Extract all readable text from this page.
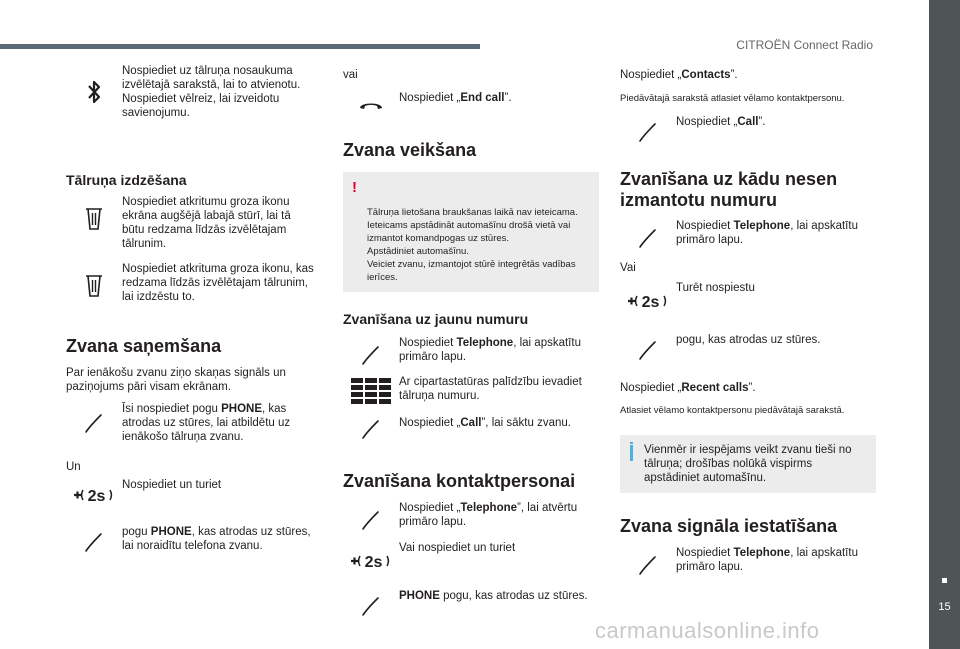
CITROËN Connect Radio
15
carmanualsonline.info
Nospiediet uz tālruņa nosaukuma izvēlētajā sarakstā, lai to atvienotu. Nospiediet vēlreiz, lai izveidotu savienojumu.
Tālruņa izdzēšana
Nospiediet atkritumu groza ikonu ekrāna augšējā labajā stūrī, lai tā būtu redzama līdzās izvēlētajam tālrunim.
Nospiediet atkrituma groza ikonu, kas redzama līdzās izvēlētajam tālrunim, lai izdzēstu to.
Zvana saņemšana
Par ienākošu zvanu ziņo skaņas signāls un paziņojums pāri visam ekrānam.
Īsi nospiediet pogu PHONE, kas atrodas uz stūres, lai atbildētu uz ienākošo tālruņa zvanu.
Un
2s
Nospiediet un turiet
pogu PHONE, kas atrodas uz stūres, lai noraidītu telefona zvanu.
vai
Nospiediet „End call”.
Zvana veikšana

!

Tālruņa lietošana braukšanas laikā nav ieteicama. Ieteicams apstādināt automašīnu drošā vietā vai izmantot komandpogas uz stūres.
Apstādiniet automašīnu.
Veiciet zvanu, izmantojot stūrē integrētās vadības ierīces.

Zvanīšana uz jaunu numuru
Nospiediet Telephone, lai apskatītu primāro lapu.
Ar cipartastatūras palīdzību ievadiet tālruņa numuru.
Nospiediet „Call”, lai sāktu zvanu.
Zvanīšana kontaktpersonai
Nospiediet „Telephone”, lai atvērtu primāro lapu.
2s
Vai nospiediet un turiet
PHONE pogu, kas atrodas uz stūres.
Nospiediet „Contacts”.
Piedāvātajā sarakstā atlasiet vēlamo kontaktpersonu.
Nospiediet „Call”.
Zvanīšana uz kādu nesen izmantotu numuru
Nospiediet Telephone, lai apskatītu primāro lapu.
Vai
2s
Turēt nospiestu
pogu, kas atrodas uz stūres.
Nospiediet „Recent calls”.
Atlasiet vēlamo kontaktpersonu piedāvātajā sarakstā.
Vienmēr ir iespējams veikt zvanu tieši no tālruņa; drošības nolūkā vispirms apstādiniet automašīnu.
Zvana signāla iestatīšana
Nospiediet Telephone, lai apskatītu primāro lapu.
